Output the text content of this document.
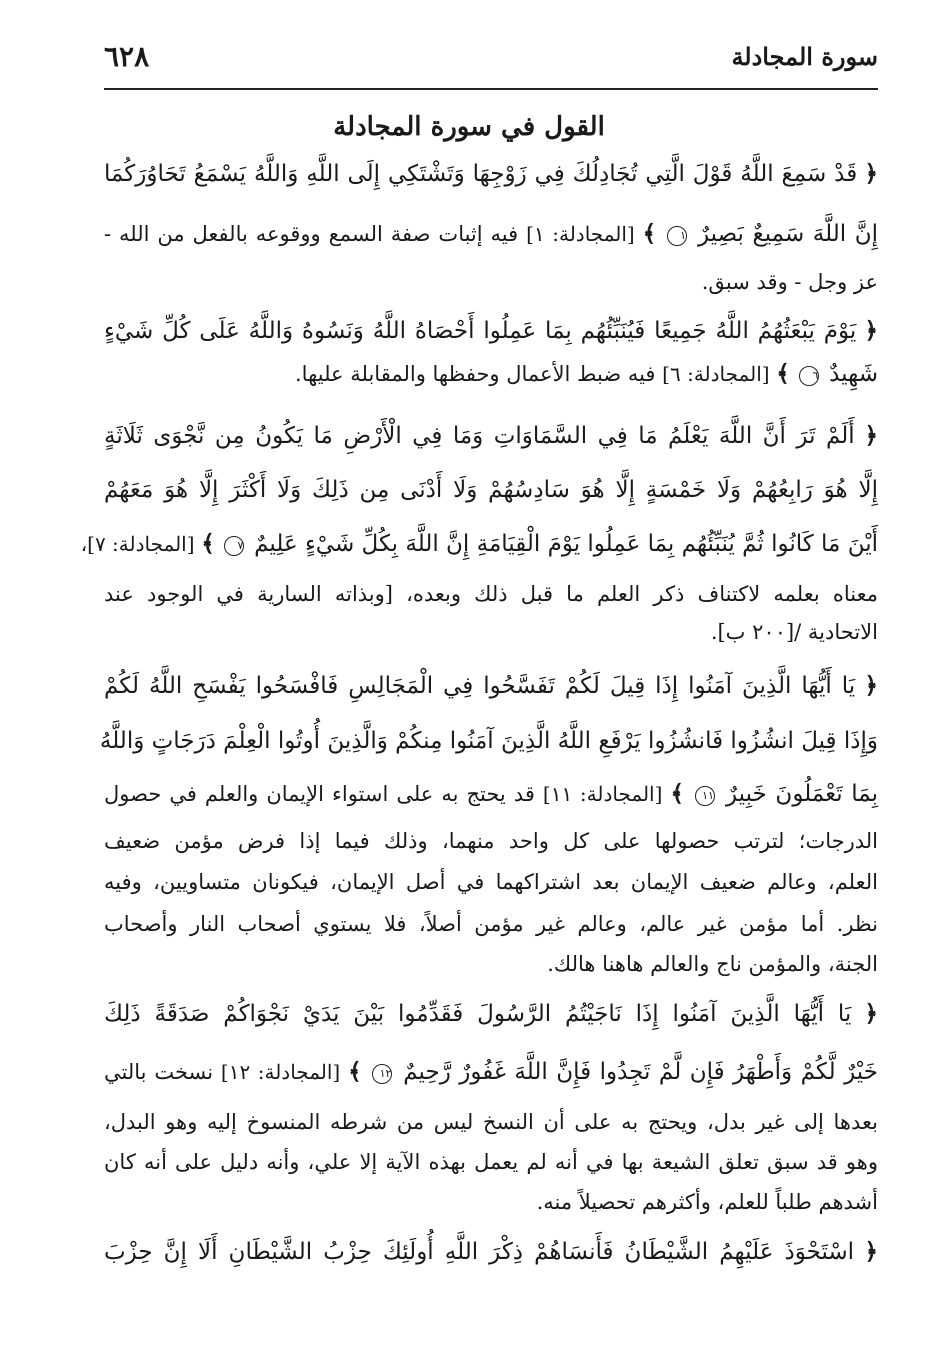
٦٢٨	سورة المجادلة
القول في سورة المجادلة
﴿ قَدْ سَمِعَ اللَّهُ قَوْلَ الَّتِي تُجَادِلُكَ فِي زَوْجِهَا وَتَشْتَكِي إِلَى اللَّهِ وَاللَّهُ يَسْمَعُ تَحَاوُرَكُمَا
إِنَّ اللَّهَ سَمِيعٌ بَصِيرٌ ١ ﴾ [المجادلة: ١] فيه إثبات صفة السمع ووقوعه بالفعل من الله -
عز وجل - وقد سبق.
﴿ يَوْمَ يَبْعَثُهُمُ اللَّهُ جَمِيعًا فَيُنَبِّئُهُم بِمَا عَمِلُوا أَحْصَاهُ اللَّهُ وَنَسُوهُ وَاللَّهُ عَلَى كُلِّ شَيْءٍ
شَهِيدٌ ٦ ﴾ [المجادلة: ٦] فيه ضبط الأعمال وحفظها والمقابلة عليها.
﴿ أَلَمْ تَرَ أَنَّ اللَّهَ يَعْلَمُ مَا فِي السَّمَاوَاتِ وَمَا فِي الْأَرْضِ مَا يَكُونُ مِن نَّجْوَى ثَلَاثَةٍ
إِلَّا هُوَ رَابِعُهُمْ وَلَا خَمْسَةٍ إِلَّا هُوَ سَادِسُهُمْ وَلَا أَدْنَى مِن ذَلِكَ وَلَا أَكْثَرَ إِلَّا هُوَ مَعَهُمْ
أَيْنَ مَا كَانُوا ثُمَّ يُنَبِّئُهُم بِمَا عَمِلُوا يَوْمَ الْقِيَامَةِ إِنَّ اللَّهَ بِكُلِّ شَيْءٍ عَلِيمٌ ٧ ﴾ [المجادلة: ٧]،
معناه بعلمه لاكتناف ذكر العلم ما قبل ذلك وبعده، [وبذاته السارية في الوجود عند
الاتحادية /[٢٠٠ ب].
﴿ يَا أَيُّهَا الَّذِينَ آمَنُوا إِذَا قِيلَ لَكُمْ تَفَسَّحُوا فِي الْمَجَالِسِ فَافْسَحُوا يَفْسَحِ اللَّهُ لَكُمْ
وَإِذَا قِيلَ انشُزُوا فَانشُزُوا يَرْفَعِ اللَّهُ الَّذِينَ آمَنُوا مِنكُمْ وَالَّذِينَ أُوتُوا الْعِلْمَ دَرَجَاتٍ وَاللَّهُ
بِمَا تَعْمَلُونَ خَبِيرٌ ١١ ﴾ [المجادلة: ١١] قد يحتج به على استواء الإيمان والعلم في حصول
الدرجات؛ لترتب حصولها على كل واحد منهما، وذلك فيما إذا فرض مؤمن ضعيف
العلم، وعالم ضعيف الإيمان بعد اشتراكهما في أصل الإيمان، فيكونان متساويين، وفيه
نظر. أما مؤمن غير عالم، وعالم غير مؤمن أصلاً، فلا يستوي أصحاب النار وأصحاب
الجنة، والمؤمن ناج والعالم هاهنا هالك.
﴿ يَا أَيُّهَا الَّذِينَ آمَنُوا إِذَا نَاجَيْتُمُ الرَّسُولَ فَقَدِّمُوا بَيْنَ يَدَيْ نَجْوَاكُمْ صَدَقَةً ذَلِكَ
خَيْرٌ لَّكُمْ وَأَطْهَرُ فَإِن لَّمْ تَجِدُوا فَإِنَّ اللَّهَ غَفُورٌ رَّحِيمٌ ١٢ ﴾ [المجادلة: ١٢] نسخت بالتي
بعدها إلى غير بدل، ويحتج به على أن النسخ ليس من شرطه المنسوخ إليه وهو البدل،
وهو قد سبق تعلق الشيعة بها في أنه لم يعمل بهذه الآية إلا علي، وأنه دليل على أنه كان
أشدهم طلباً للعلم، وأكثرهم تحصيلاً منه.
﴿ اسْتَحْوَذَ عَلَيْهِمُ الشَّيْطَانُ فَأَنسَاهُمْ ذِكْرَ اللَّهِ أُولَئِكَ حِزْبُ الشَّيْطَانِ أَلَا إِنَّ حِزْبَ
